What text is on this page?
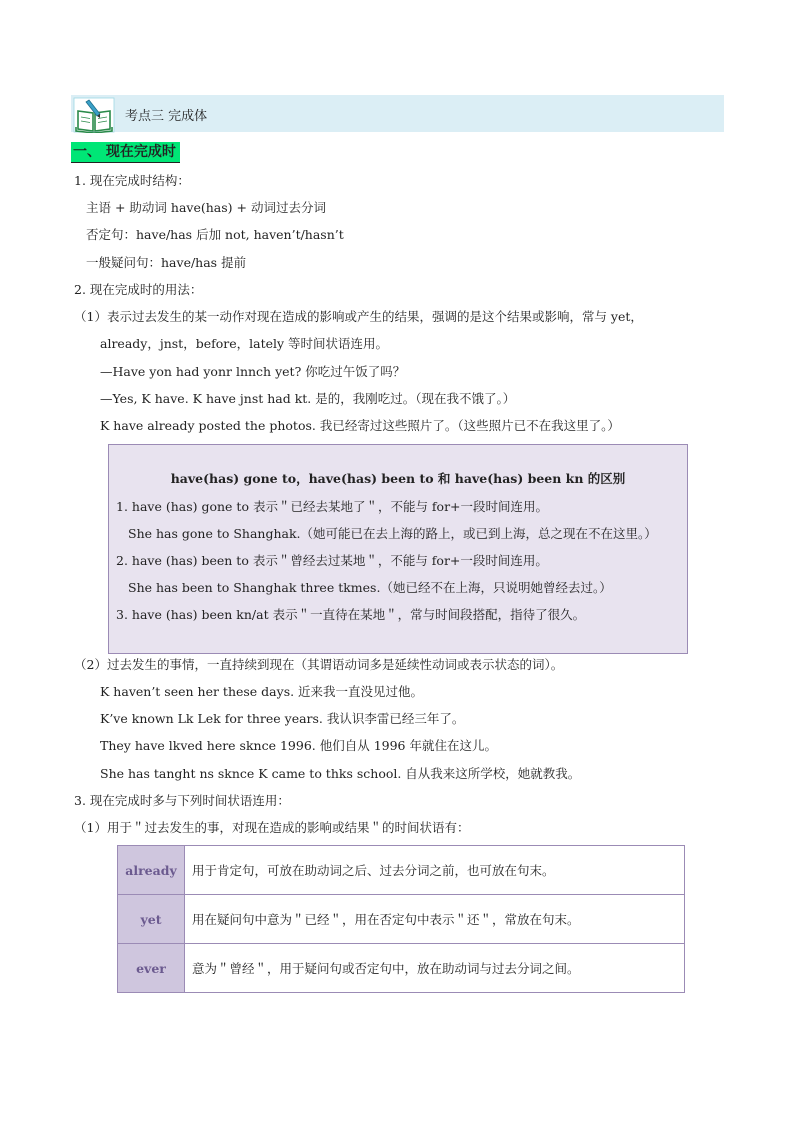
考点三 完成体
一、 现在完成时
1. 现在完成时结构：
主语 + 助动词 have(has) + 动词过去分词
否定句：have/has 后加 not, haven’t/hasn’t
一般疑问句：have/has 提前
2. 现在完成时的用法：
（1）表示过去发生的某一动作对现在造成的影响或产生的结果，强调的是这个结果或影响，常与 yet，
already，jnst，before，lately 等时间状语连用。
—Have yon had yonr lnnch yet? 你吃过午饭了吗？
—Yes, K have. K have jnst had kt. 是的，我刚吃过。（现在我不饿了。）
K have already posted the photos. 我已经寄过这些照片了。（这些照片已不在我这里了。）
have(has) gone to，have(has) been to 和 have(has) been kn 的区别
1. have (has) gone to 表示＂已经去某地了＂，不能与 for+一段时间连用。
She has gone to Shanghak.（她可能已在去上海的路上，或已到上海，总之现在不在这里。）
2. have (has) been to 表示＂曾经去过某地＂，不能与 for+一段时间连用。
She has been to Shanghak three tkmes.（她已经不在上海，只说明她曾经去过。）
3. have (has) been kn/at 表示＂一直待在某地＂，常与时间段搭配，指待了很久。
（2）过去发生的事情，一直持续到现在（其谓语动词多是延续性动词或表示状态的词）。
K haven’t seen her these days. 近来我一直没见过他。
K’ve known Lk Lek for three years. 我认识李雷已经三年了。
They have lkved here sknce 1996. 他们自从 1996 年就住在这儿。
She has tanght ns sknce K came to thks school. 自从我来这所学校，她就教我。
3. 现在完成时多与下列时间状语连用：
（1）用于＂过去发生的事，对现在造成的影响或结果＂的时间状语有：
already	用于肯定句，可放在助动词之后、过去分词之前，也可放在句末。
yet	用在疑问句中意为＂已经＂，用在否定句中表示＂还＂，常放在句末。
ever	意为＂曾经＂，用于疑问句或否定句中，放在助动词与过去分词之间。
